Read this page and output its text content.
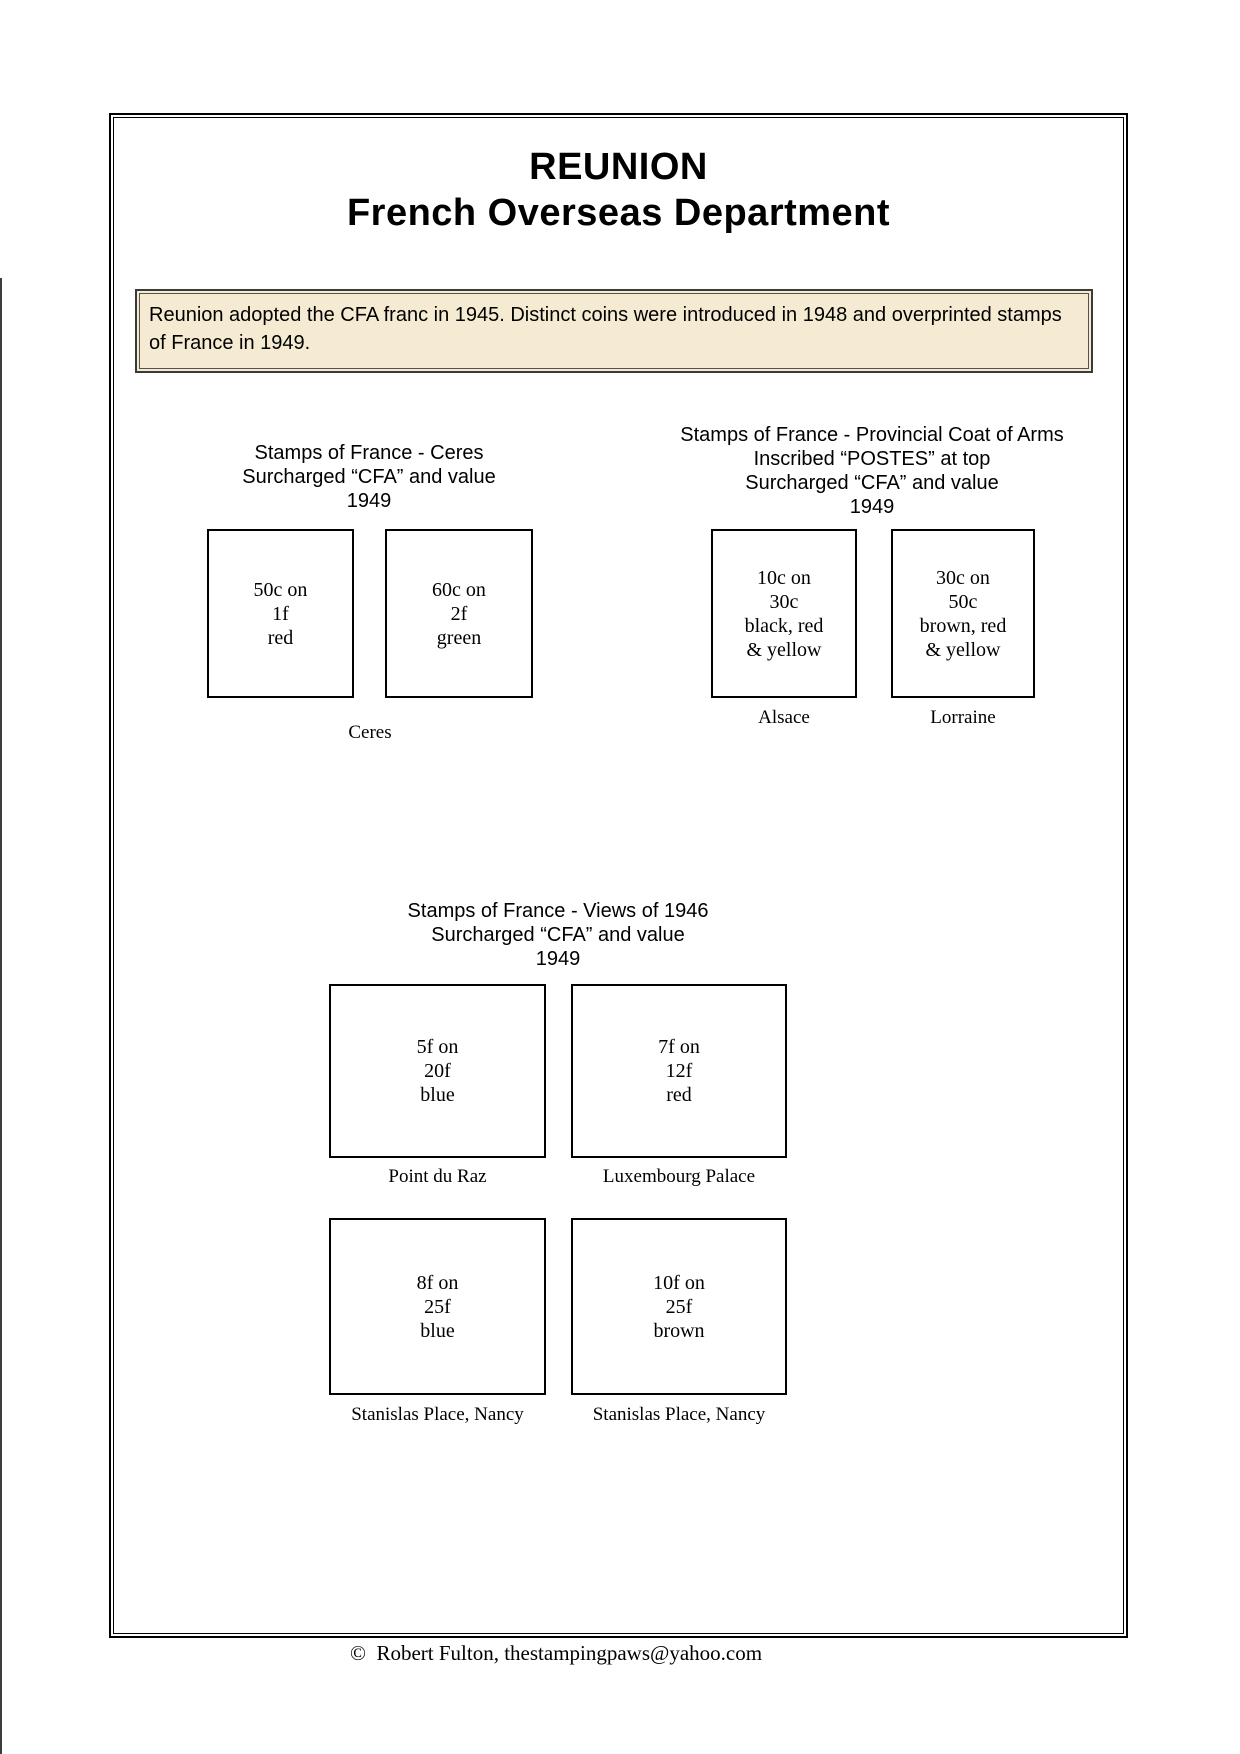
REUNION
French Overseas Department
Reunion adopted the CFA franc in 1945. Distinct coins were introduced in 1948 and overprinted stamps of France in 1949.
Stamps of France - Ceres
Surcharged “CFA” and value
1949
50c on
1f
red
60c on
2f
green
Ceres
Stamps of France - Provincial Coat of Arms
Inscribed “POSTES” at top
Surcharged “CFA” and value
1949
10c on
30c
black, red
& yellow
30c on
50c
brown, red
& yellow
Alsace	Lorraine
Stamps of France - Views of 1946
Surcharged “CFA” and value
1949
5f on
20f
blue
7f on
12f
red
Point du Raz	Luxembourg Palace
8f on
25f
blue
10f on
25f
brown
Stanislas Place, Nancy	Stanislas Place, Nancy
©  Robert Fulton, thestampingpaws@yahoo.com
